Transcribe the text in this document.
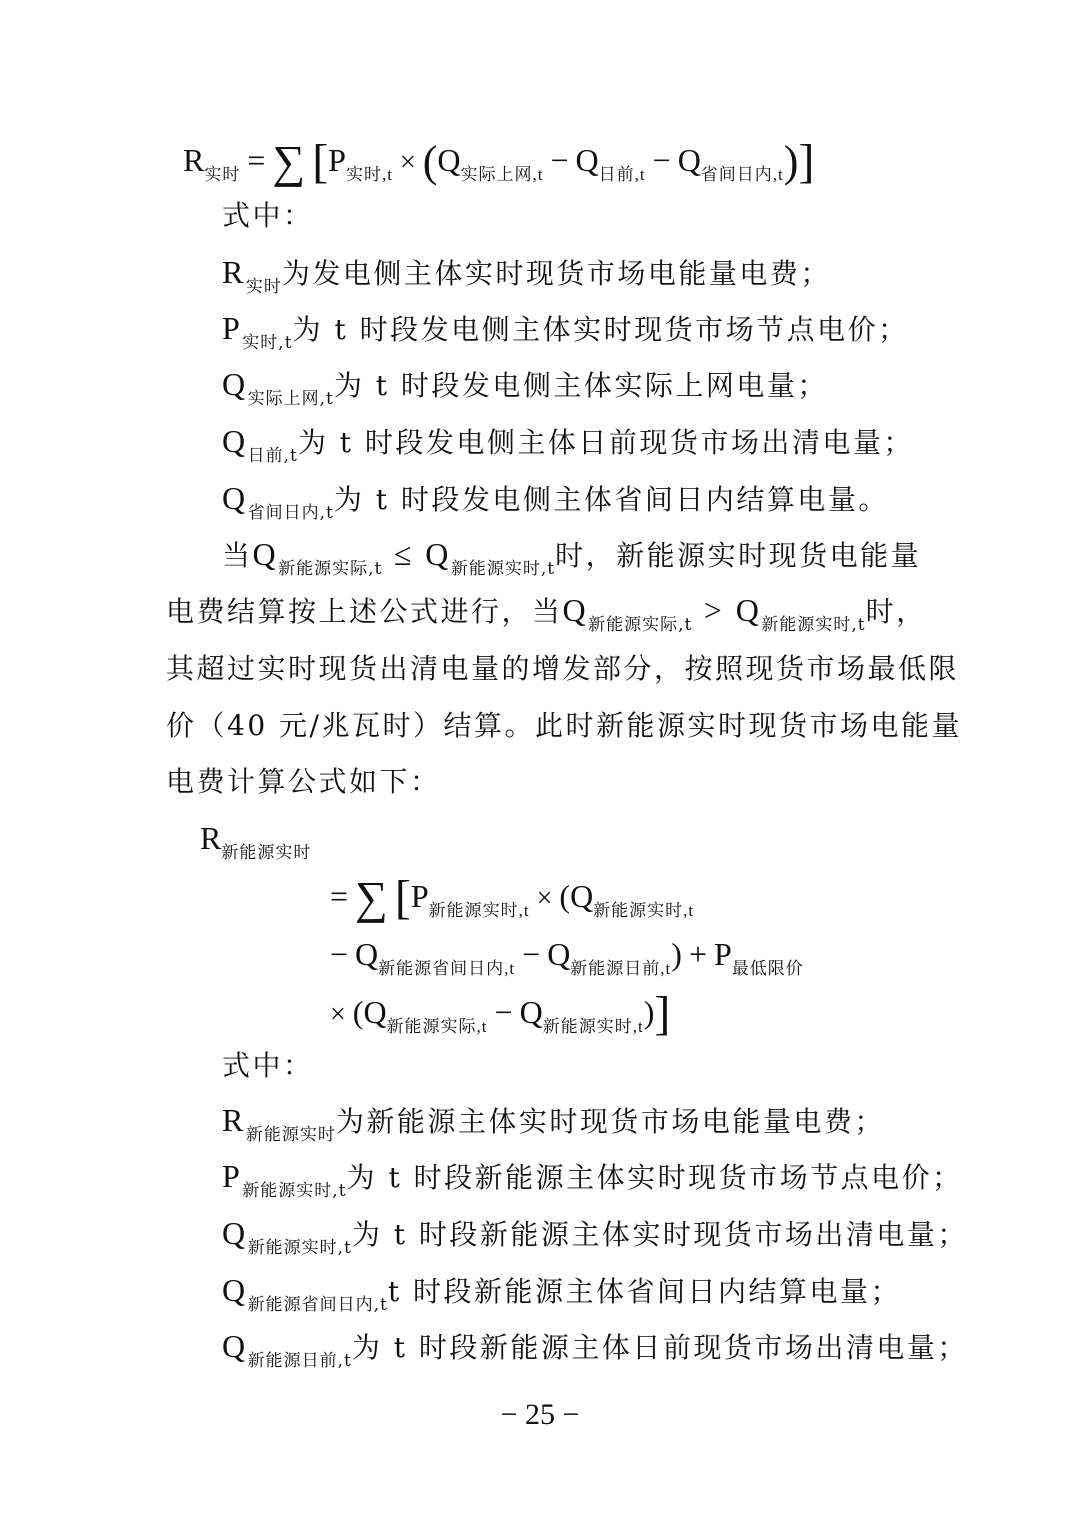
$R_{实时}$ = ∑ $[P_{实时,t} \times (Q_{实际上网,t} - Q_{日前,t} - Q_{省间日内,t})]$
式中：
$R_{实时}$为发电侧主体实时现货市场电能量电费；
$P_{实时,t}$为 t 时段发电侧主体实时现货市场节点电价；
$Q_{实际上网,t}$为 t 时段发电侧主体实际上网电量；
$Q_{日前,t}$为 t 时段发电侧主体日前现货市场出清电量；
$Q_{省间日内,t}$为 t 时段发电侧主体省间日内结算电量。
当$Q_{新能源实际,t} \le Q_{新能源实时,t}$时，新能源实时现货电能量
电费结算按上述公式进行，当$Q_{新能源实际,t} > Q_{新能源实时,t}$时，
其超过实时现货出清电量的增发部分，按照现货市场最低限
价（40 元/兆瓦时）结算。此时新能源实时现货市场电能量
电费计算公式如下：
$R_{新能源实时}$
= ∑ [$P_{新能源实时,t} \times (Q_{新能源实时,t}$
− $Q_{新能源省间日内,t} - Q_{新能源日前,t}) + P_{最低限价}$
× $(Q_{新能源实际,t} - Q_{新能源实时,t})$]
式中：
$R_{新能源实时}$为新能源主体实时现货市场电能量电费；
$P_{新能源实时,t}$为 t 时段新能源主体实时现货市场节点电价；
$Q_{新能源实时,t}$为 t 时段新能源主体实时现货市场出清电量；
$Q_{新能源省间日内,t}t$ 时段新能源主体省间日内结算电量；
$Q_{新能源日前,t}$为 t 时段新能源主体日前现货市场出清电量；
− 25 −
